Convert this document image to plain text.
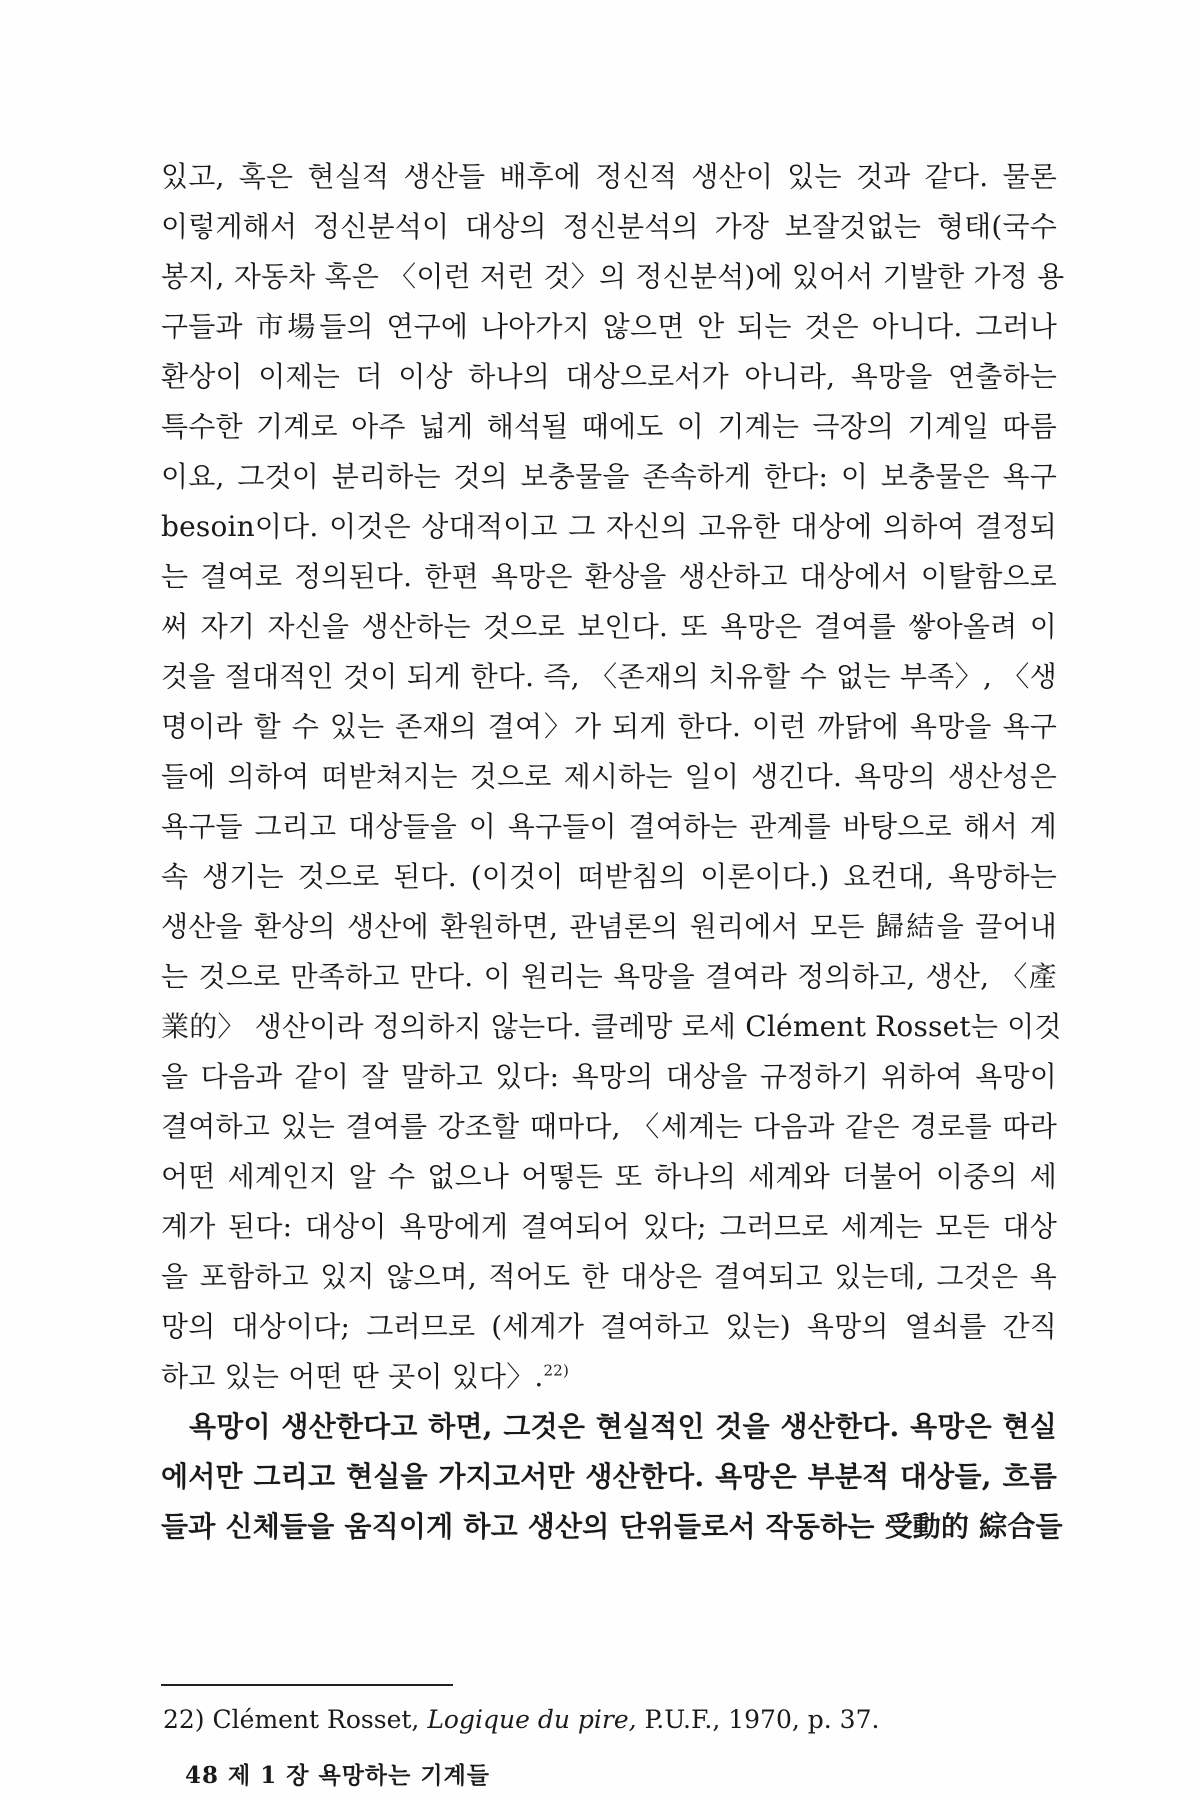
있고, 혹은 현실적 생산들 배후에 정신적 생산이 있는 것과 같다. 물론
이렇게해서 정신분석이 대상의 정신분석의 가장 보잘것없는 형태(국수
봉지, 자동차 혹은 〈이런 저런 것〉의 정신분석)에 있어서 기발한 가정 용
구들과 市場들의 연구에 나아가지 않으면 안 되는 것은 아니다. 그러나
환상이 이제는 더 이상 하나의 대상으로서가 아니라, 욕망을 연출하는
특수한 기계로 아주 넓게 해석될 때에도 이 기계는 극장의 기계일 따름
이요, 그것이 분리하는 것의 보충물을 존속하게 한다: 이 보충물은 욕구
besoin이다. 이것은 상대적이고 그 자신의 고유한 대상에 의하여 결정되
는 결여로 정의된다. 한편 욕망은 환상을 생산하고 대상에서 이탈함으로
써 자기 자신을 생산하는 것으로 보인다. 또 욕망은 결여를 쌓아올려 이
것을 절대적인 것이 되게 한다. 즉, 〈존재의 치유할 수 없는 부족〉, 〈생
명이라 할 수 있는 존재의 결여〉가 되게 한다. 이런 까닭에 욕망을 욕구
들에 의하여 떠받쳐지는 것으로 제시하는 일이 생긴다. 욕망의 생산성은
욕구들 그리고 대상들을 이 욕구들이 결여하는 관계를 바탕으로 해서 계
속 생기는 것으로 된다. (이것이 떠받침의 이론이다.) 요컨대, 욕망하는
생산을 환상의 생산에 환원하면, 관념론의 원리에서 모든 歸結을 끌어내
는 것으로 만족하고 만다. 이 원리는 욕망을 결여라 정의하고, 생산, 〈產
業的〉 생산이라 정의하지 않는다. 클레망 로세 Clément Rosset는 이것
을 다음과 같이 잘 말하고 있다: 욕망의 대상을 규정하기 위하여 욕망이
결여하고 있는 결여를 강조할 때마다, 〈세계는 다음과 같은 경로를 따라
어떤 세계인지 알 수 없으나 어떻든 또 하나의 세계와 더불어 이중의 세
계가 된다: 대상이 욕망에게 결여되어 있다; 그러므로 세계는 모든 대상
을 포함하고 있지 않으며, 적어도 한 대상은 결여되고 있는데, 그것은 욕
망의 대상이다; 그러므로 (세계가 결여하고 있는) 욕망의 열쇠를 간직
하고 있는 어떤 딴 곳이 있다〉.$^{22)}$
욕망이 생산한다고 하면, 그것은 현실적인 것을 생산한다. 욕망은 현실
에서만 그리고 현실을 가지고서만 생산한다. 욕망은 부분적 대상들, 흐름
들과 신체들을 움직이게 하고 생산의 단위들로서 작동하는 受動的 綜合들
22) Clément Rosset, Logique du pire, P.U.F., 1970, p. 37.
48 제 1 장 욕망하는 기계들
